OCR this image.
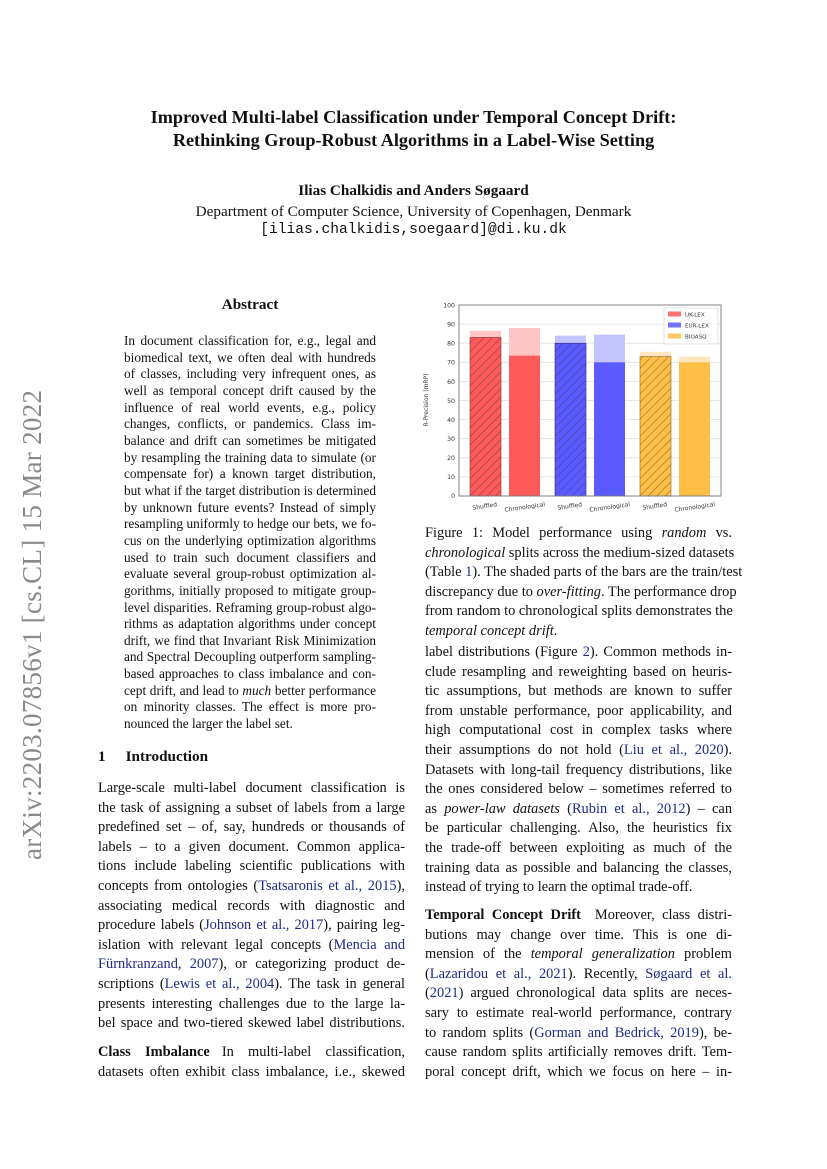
arXiv:2203.07856v1 [cs.CL] 15 Mar 2022
Improved Multi-label Classification under Temporal Concept Drift:
Rethinking Group-Robust Algorithms in a Label-Wise Setting
Ilias Chalkidis and Anders Søgaard
Department of Computer Science, University of Copenhagen, Denmark
[ilias.chalkidis,soegaard]@di.ku.dk
Abstract
In document classification for, e.g., legal and
biomedical text, we often deal with hundreds
of classes, including very infrequent ones, as
well as temporal concept drift caused by the
influence of real world events, e.g., policy
changes, conflicts, or pandemics. Class im-
balance and drift can sometimes be mitigated
by resampling the training data to simulate (or
compensate for) a known target distribution,
but what if the target distribution is determined
by unknown future events? Instead of simply
resampling uniformly to hedge our bets, we fo-
cus on the underlying optimization algorithms
used to train such document classifiers and
evaluate several group-robust optimization al-
gorithms, initially proposed to mitigate group-
level disparities. Reframing group-robust algo-
rithms as adaptation algorithms under concept
drift, we find that Invariant Risk Minimization
and Spectral Decoupling outperform sampling-
based approaches to class imbalance and con-
cept drift, and lead to much better performance
on minority classes. The effect is more pro-
nounced the larger the label set.
1 Introduction
Large-scale multi-label document classification is
the task of assigning a subset of labels from a large
predefined set – of, say, hundreds or thousands of
labels – to a given document. Common applica-
tions include labeling scientific publications with
concepts from ontologies (Tsatsaronis et al., 2015),
associating medical records with diagnostic and
procedure labels (Johnson et al., 2017), pairing leg-
islation with relevant legal concepts (Mencia and
Fürnkranzand, 2007), or categorizing product de-
scriptions (Lewis et al., 2004). The task in general
presents interesting challenges due to the large la-
bel space and two-tiered skewed label distributions.
Class Imbalance In multi-label classification,
datasets often exhibit class imbalance, i.e., skewed
0
10
20
30
40
50
60
70
80
90
100
R-Precision (mRP)
Shuffled Chronological Shuffled Chronological Shuffled Chronological
UK-LEX
EUR-LEX
BIOASQ
Figure 1: Model performance using random vs.
chronological splits across the medium-sized datasets
(Table 1). The shaded parts of the bars are the train/test
discrepancy due to over-fitting. The performance drop
from random to chronological splits demonstrates the
temporal concept drift.
label distributions (Figure 2). Common methods in-
clude resampling and reweighting based on heuris-
tic assumptions, but methods are known to suffer
from unstable performance, poor applicability, and
high computational cost in complex tasks where
their assumptions do not hold (Liu et al., 2020).
Datasets with long-tail frequency distributions, like
the ones considered below – sometimes referred to
as power-law datasets (Rubin et al., 2012) – can
be particular challenging. Also, the heuristics fix
the trade-off between exploiting as much of the
training data as possible and balancing the classes,
instead of trying to learn the optimal trade-off.
Temporal Concept Drift Moreover, class distri-
butions may change over time. This is one di-
mension of the temporal generalization problem
(Lazaridou et al., 2021). Recently, Søgaard et al.
(2021) argued chronological data splits are neces-
sary to estimate real-world performance, contrary
to random splits (Gorman and Bedrick, 2019), be-
cause random splits artificially removes drift. Tem-
poral concept drift, which we focus on here – in-
